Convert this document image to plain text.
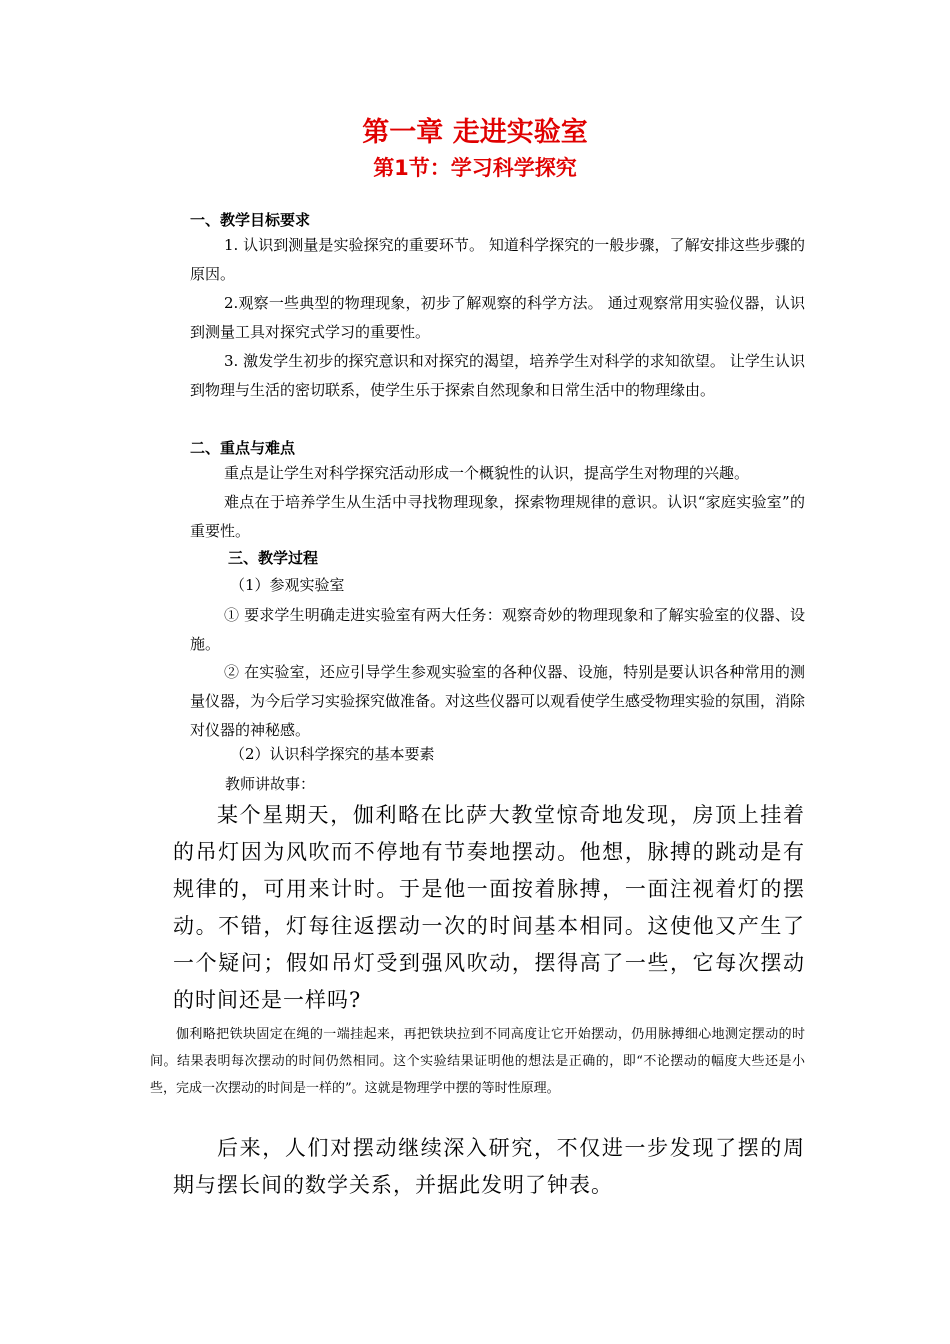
第一章 走进实验室
第1节：学习科学探究
一、教学目标要求
1. 认识到测量是实验探究的重要环节。 知道科学探究的一般步骤，了解安排这些步骤的原因。
2.观察一些典型的物理现象，初步了解观察的科学方法。 通过观察常用实验仪器，认识到测量工具对探究式学习的重要性。
3. 激发学生初步的探究意识和对探究的渴望，培养学生对科学的求知欲望。 让学生认识到物理与生活的密切联系，使学生乐于探索自然现象和日常生活中的物理缘由。
二、重点与难点
重点是让学生对科学探究活动形成一个概貌性的认识，提高学生对物理的兴趣。
难点在于培养学生从生活中寻找物理现象，探索物理规律的意识。认识“家庭实验室”的重要性。
三、教学过程
（1）参观实验室
① 要求学生明确走进实验室有两大任务：观察奇妙的物理现象和了解实验室的仪器、设施。
② 在实验室，还应引导学生参观实验室的各种仪器、设施，特别是要认识各种常用的测量仪器，为今后学习实验探究做准备。对这些仪器可以观看使学生感受物理实验的氛围，消除对仪器的神秘感。
（2）认识科学探究的基本要素
教师讲故事：
某个星期天，伽利略在比萨大教堂惊奇地发现，房顶上挂着的吊灯因为风吹而不停地有节奏地摆动。他想，脉搏的跳动是有规律的，可用来计时。于是他一面按着脉搏，一面注视着灯的摆动。不错，灯每往返摆动一次的时间基本相同。这使他又产生了一个疑问；假如吊灯受到强风吹动，摆得高了一些，它每次摆动的时间还是一样吗?
伽利略把铁块固定在绳的一端挂起来，再把铁块拉到不同高度让它开始摆动，仍用脉搏细心地测定摆动的时间。结果表明每次摆动的时间仍然相同。这个实验结果证明他的想法是正确的，即“不论摆动的幅度大些还是小些，完成一次摆动的时间是一样的”。这就是物理学中摆的等时性原理。
后来，人们对摆动继续深入研究，不仅进一步发现了摆的周期与摆长间的数学关系，并据此发明了钟表。
